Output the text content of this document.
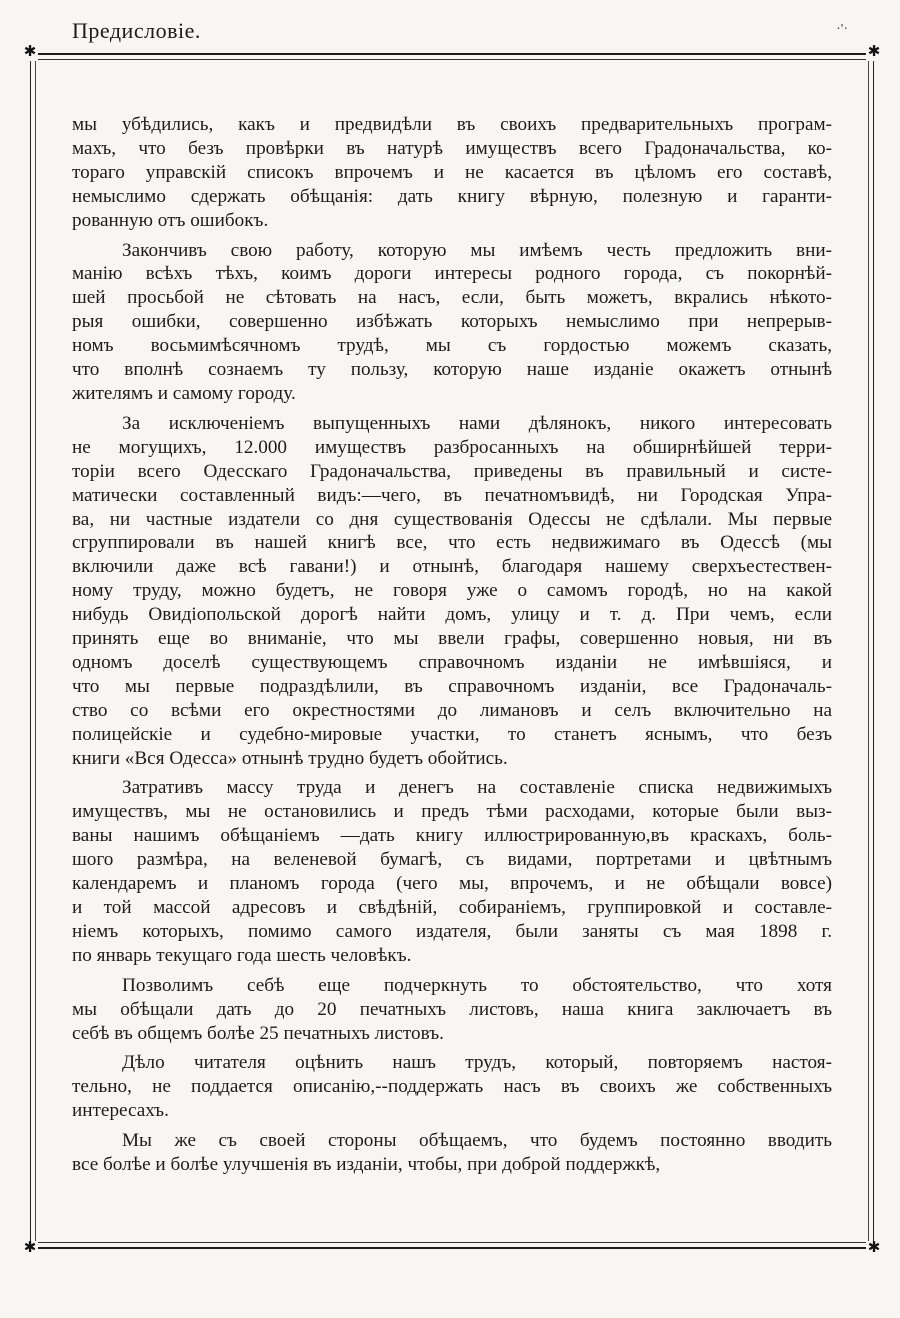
Предисловіе.	·'·
✱	✱
✱	✱
мы убѣдились, какъ и предвидѣли въ своихъ предварительныхъ програм-
махъ, что безъ провѣрки въ натурѣ имуществъ всего Градоначальства, ко-
тораго управскій списокъ впрочемъ и не касается въ цѣломъ его составѣ,
немыслимо сдержать обѣщанія: дать книгу вѣрную, полезную и гаранти-
рованную отъ ошибокъ.
Закончивъ свою работу, которую мы имѣемъ честь предложить вни-
манію всѣхъ тѣхъ, коимъ дороги интересы родного города, съ покорнѣй-
шей просьбой не сѣтовать на насъ, если, быть можетъ, вкрались нѣкото-
рыя ошибки, совершенно избѣжать которыхъ немыслимо при непрерыв-
номъ восьмимѣсячномъ трудѣ, мы съ гордостью можемъ сказать,
что вполнѣ сознаемъ ту пользу, которую наше изданіе окажетъ отнынѣ
жителямъ и самому городу.
За исключеніемъ выпущенныхъ нами дѣлянокъ, никого интересовать
не могущихъ, 12.000 имуществъ разбросанныхъ на обширнѣйшей терри-
торіи всего Одесскаго Градоначальства, приведены въ правильный и систе-
матически составленный видъ:—чего, въ печатномъвидѣ, ни Городская Упра-
ва, ни частные издатели со дня существованія Одессы не сдѣлали. Мы первые
сгруппировали въ нашей книгѣ все, что есть недвижимаго въ Одессѣ (мы
включили даже всѣ гавани!) и отнынѣ, благодаря нашему сверхъестествен-
ному труду, можно будетъ, не говоря уже о самомъ городѣ, но на какой
нибудь Овидіопольской дорогѣ найти домъ, улицу и т. д. При чемъ, если
принять еще во вниманіе, что мы ввели графы, совершенно новыя, ни въ
одномъ доселѣ существующемъ справочномъ изданіи не имѣвшіяся, и
что мы первые подраздѣлили, въ справочномъ изданіи, все Градоначаль-
ство со всѣми его окрестностями до лимановъ и селъ включительно на
полицейскіе и судебно-мировые участки, то станетъ яснымъ, что безъ
книги «Вся Одесса» отнынѣ трудно будетъ обойтись.
Затративъ массу труда и денегъ на составленіе списка недвижимыхъ
имуществъ, мы не остановились и предъ тѣми расходами, которые были выз-
ваны нашимъ обѣщаніемъ —дать книгу иллюстрированную,въ краскахъ, боль-
шого размѣра, на веленевой бумагѣ, съ видами, портретами и цвѣтнымъ
календаремъ и планомъ города (чего мы, впрочемъ, и не обѣщали вовсе)
и той массой адресовъ и свѣдѣній, собираніемъ, группировкой и составле-
ніемъ которыхъ, помимо самого издателя, были заняты съ мая 1898 г.
по январь текущаго года шесть человѣкъ.
Позволимъ себѣ еще подчеркнуть то обстоятельство, что хотя
мы обѣщали дать до 20 печатныхъ листовъ, наша книга заключаетъ въ
себѣ въ общемъ болѣе 25 печатныхъ листовъ.
Дѣло читателя оцѣнить нашъ трудъ, который, повторяемъ настоя-
тельно, не поддается описанію,--поддержать насъ въ своихъ же собственныхъ
интересахъ.
Мы же съ своей стороны обѣщаемъ, что будемъ постоянно вводить
все болѣе и болѣе улучшенія въ изданіи, чтобы, при доброй поддержкѣ,
